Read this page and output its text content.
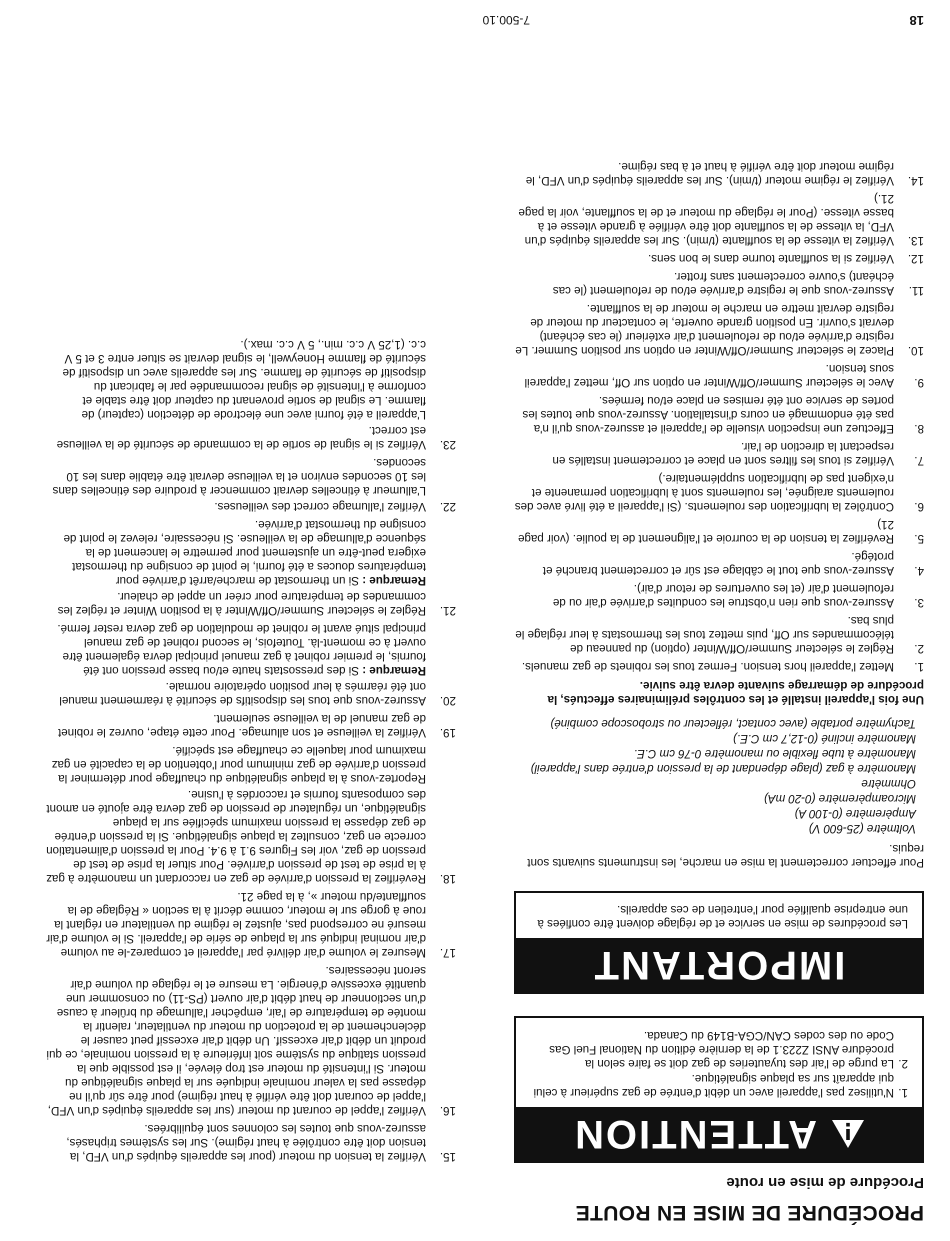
PROCÉDURE DE MISE EN ROUTE
Procédure de mise en route
ATTENTION
1.
N'utilisez pas l'appareil avec un débit d'entrée de gaz supérieur à celui qui apparaît sur sa plaque signalétique.
2.
La purge de l'air des tuyauteries de gaz doit se faire selon la procédure ANSI Z223.1 de la dernière édition du National Fuel Gas Code ou des codes CAN/CGA-B149 du Canada.
IMPORTANT
Les procédures de mise en service et de réglage doivent être confiées à une entreprise qualifiée pour l'entretien de ces appareils.
Pour effectuer correctement la mise en marche, les instruments suivants sont requis.
Voltmètre (25-600 V)
Ampèremètre (0-100 A)
Microampèremètre (0-20 mA)
Ohmmètre
Manomètre à gaz (plage dépendant de la pression d'entrée dans l'appareil)
Manomètre à tube flexible ou manomètre 0-76 cm C.E.
Manomètre incliné (0-12,7 cm C.E.)
Tachymètre portable (avec contact, réflecteur ou stroboscope combiné)
Une fois l'appareil installé et les contrôles préliminaires effectués, la procédure de démarrage suivante devra être suivie.
1.
Mettez l'appareil hors tension. Fermez tous les robinets de gaz manuels.
2.
Réglez le sélecteur Summer/Off/Winter (option) du panneau de télécommandes sur Off, puis mettez tous les thermostats à leur réglage le plus bas.
3.
Assurez-vous que rien n'obstrue les conduites d'arrivée d'air ou de refoulement d'air (et les ouvertures de retour d'air).
4.
Assurez-vous que tout le câblage est sûr et correctement branché et protégé.
5.
Revérifiez la tension de la courroie et l'alignement de la poulie. (voir page 21)
6.
Contrôlez la lubrification des roulements. (Si l'appareil a été livré avec des roulements araignée, les roulements sont à lubrification permanente et n'exigent pas de lubrification supplémentaire.)
7.
Vérifiez si tous les filtres sont en place et correctement installés en respectant la direction de l'air.
8.
Effectuez une inspection visuelle de l'appareil et assurez-vous qu'il n'a pas été endommagé en cours d'installation. Assurez-vous que toutes les portes de service ont été remises en place et/ou fermées.
9.
Avec le sélecteur Summer/Off/Winter en option sur Off, mettez l'appareil sous tension.
10.
Placez le sélecteur Summer/Off/Winter en option sur position Summer. Le registre d'arrivée et/ou de refoulement d'air extérieur (le cas échéant) devrait s'ouvrir. En position grande ouverte, le contacteur du moteur de registre devrait mettre en marche le moteur de la soufflante.
11.
Assurez-vous que le registre d'arrivée et/ou de refoulement (le cas échéant) s'ouvre correctement sans frotter.
12.
Vérifiez si la soufflante tourne dans le bon sens.
13.
Vérifiez la vitesse de la soufflante (t/min). Sur les appareils équipés d'un VFD, la vitesse de la soufflante doit être vérifiée à grande vitesse et à basse vitesse. (Pour le réglage du moteur et de la soufflante, voir la page 21.)
14.
Vérifiez le régime moteur (t/min). Sur les appareils équipés d'un VFD, le régime moteur doit être vérifié à haut et à bas régime.
15.
Vérifiez la tension du moteur (pour les appareils équipés d'un VFD, la tension doit être contrôlée à haut régime). Sur les systèmes triphasés, assurez-vous que toutes les colonnes sont équilibrées.
16.
Vérifiez l'appel de courant du moteur (sur les appareils équipés d'un VFD, l'appel de courant doit être vérifié à haut régime) pour être sûr qu'il ne dépasse pas la valeur nominale indiquée sur la plaque signalétique du moteur. Si l'intensité du moteur est trop élevée, il est possible que la pression statique du système soit inférieure à la pression nominale, ce qui produit un débit d'air excessif. Un débit d'air excessif peut causer le déclenchement de la protection du moteur du ventilateur, ralentir la montée de température de l'air, empêcher l'allumage du brûleur à cause d'un sectionneur de haut débit d'air ouvert (PS-11) ou consommer une quantité excessive d'énergie. La mesure et le réglage du volume d'air seront nécessaires.
17.
Mesurez le volume d'air délivré par l'appareil et comparez-le au volume d'air nominal indiqué sur la plaque de série de l'appareil. Si le volume d'air mesuré ne correspond pas, ajustez le régime du ventilateur en réglant la roue à gorge sur le moteur, comme décrit à la section « Réglage de la soufflante/du moteur », à la page 21.
18.
Revérifiez la pression d'arrivée de gaz en raccordant un manomètre à gaz à la prise de test de pression d'arrivée. Pour situer la prise de test de pression de gaz, voir les Figures 9.1 à 9.4. Pour la pression d'alimentation correcte en gaz, consultez la plaque signalétique. Si la pression d'entrée de gaz dépasse la pression maximum spécifiée sur la plaque signalétique, un régulateur de pression de gaz devra être ajouté en amont des composants fournis et raccordés à l'usine.
Reportez-vous à la plaque signalétique du chauffage pour déterminer la pression d'arrivée de gaz minimum pour l'obtention de la capacité en gaz maximum pour laquelle ce chauffage est spécifié.
19.
Vérifiez la veilleuse et son allumage. Pour cette étape, ouvrez le robinet de gaz manuel de la veilleuse seulement.
20.
Assurez-vous que tous les dispositifs de sécurité à réarmement manuel ont été réarmés à leur position opératoire normale.
Remarque : Si des pressostats haute et/ou basse pression ont été fournis, le premier robinet à gaz manuel principal devra également être ouvert à ce moment-là. Toutefois, le second robinet de gaz manuel principal situé avant le robinet de modulation de gaz devra rester fermé.
21.
Réglez le sélecteur Summer/Off/Winter à la position Winter et réglez les commandes de température pour créer un appel de chaleur.
Remarque : Si un thermostat de marche/arrêt d'arrivée pour températures douces a été fourni, le point de consigne du thermostat exigera peut-être un ajustement pour permettre le lancement de la séquence d'allumage de la veilleuse. Si nécessaire, relevez le point de consigne du thermostat d'arrivée.
22.
Vérifiez l'allumage correct des veilleuses.
L'allumeur à étincelles devrait commencer à produire des étincelles dans les 10 secondes environ et la veilleuse devrait être établie dans les 10 secondes.
23.
Vérifiez si le signal de sortie de la commande de sécurité de la veilleuse est correct.
L'appareil a été fourni avec une électrode de détection (capteur) de flamme. Le signal de sortie provenant du capteur doit être stable et conforme à l'intensité de signal recommandée par le fabricant du dispositif de sécurité de flamme. Sur les appareils avec un dispositif de sécurité de flamme Honeywell, le signal devrait se situer entre 3 et 5 V c.c. (1,25 V c.c. min., 5 V c.c. max.).
18
7-500.10
